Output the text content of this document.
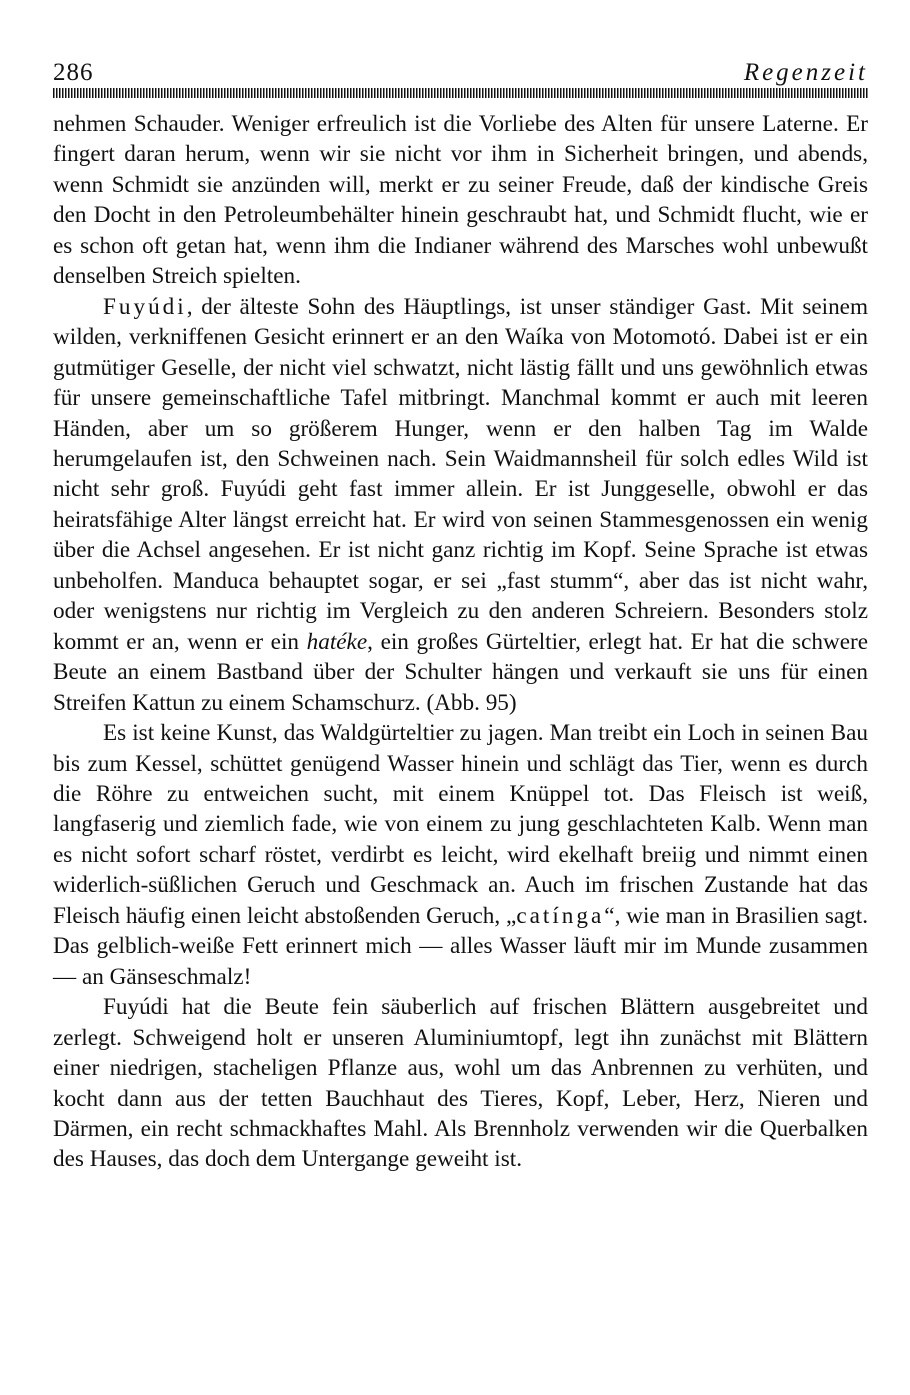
286	Regenzeit

nehmen Schauder. Weniger erfreulich ist die Vorliebe des Alten für unsere Laterne. Er fingert daran herum, wenn wir sie nicht vor ihm in Sicherheit bringen, und abends, wenn Schmidt sie anzünden will, merkt er zu seiner Freude, daß der kindische Greis den Docht in den Petroleumbehälter hinein geschraubt hat, und Schmidt flucht, wie er es schon oft getan hat, wenn ihm die Indianer während des Marsches wohl unbewußt denselben Streich spielten.

Fuyúdi, der älteste Sohn des Häuptlings, ist unser ständiger Gast. Mit seinem wilden, verkniffenen Gesicht erinnert er an den Waíka von Motomotó. Dabei ist er ein gutmütiger Geselle, der nicht viel schwatzt, nicht lästig fällt und uns gewöhnlich etwas für unsere gemeinschaftliche Tafel mitbringt. Manchmal kommt er auch mit leeren Händen, aber um so größerem Hunger, wenn er den halben Tag im Walde herumgelaufen ist, den Schweinen nach. Sein Waidmannsheil für solch edles Wild ist nicht sehr groß. Fuyúdi geht fast immer allein. Er ist Junggeselle, obwohl er das heiratsfähige Alter längst erreicht hat. Er wird von seinen Stammesgenossen ein wenig über die Achsel angesehen. Er ist nicht ganz richtig im Kopf. Seine Sprache ist etwas unbeholfen. Manduca behauptet sogar, er sei „fast stumm“, aber das ist nicht wahr, oder wenigstens nur richtig im Vergleich zu den anderen Schreiern. Besonders stolz kommt er an, wenn er ein hatéke, ein großes Gürteltier, erlegt hat. Er hat die schwere Beute an einem Bastband über der Schulter hängen und verkauft sie uns für einen Streifen Kattun zu einem Schamschurz. (Abb. 95)

Es ist keine Kunst, das Waldgürteltier zu jagen. Man treibt ein Loch in seinen Bau bis zum Kessel, schüttet genügend Wasser hinein und schlägt das Tier, wenn es durch die Röhre zu entweichen sucht, mit einem Knüppel tot. Das Fleisch ist weiß, langfaserig und ziemlich fade, wie von einem zu jung geschlachteten Kalb. Wenn man es nicht sofort scharf röstet, verdirbt es leicht, wird ekelhaft breiig und nimmt einen widerlich-süßlichen Geruch und Geschmack an. Auch im frischen Zustande hat das Fleisch häufig einen leicht abstoßenden Geruch, „catínga“, wie man in Brasilien sagt. Das gelblich-weiße Fett erinnert mich — alles Wasser läuft mir im Munde zusammen — an Gänseschmalz!

Fuyúdi hat die Beute fein säuberlich auf frischen Blättern ausgebreitet und zerlegt. Schweigend holt er unseren Aluminiumtopf, legt ihn zunächst mit Blättern einer niedrigen, stacheligen Pflanze aus, wohl um das Anbrennen zu verhüten, und kocht dann aus der tetten Bauchhaut des Tieres, Kopf, Leber, Herz, Nieren und Därmen, ein recht schmackhaftes Mahl. Als Brennholz verwenden wir die Querbalken des Hauses, das doch dem Untergange geweiht ist.
